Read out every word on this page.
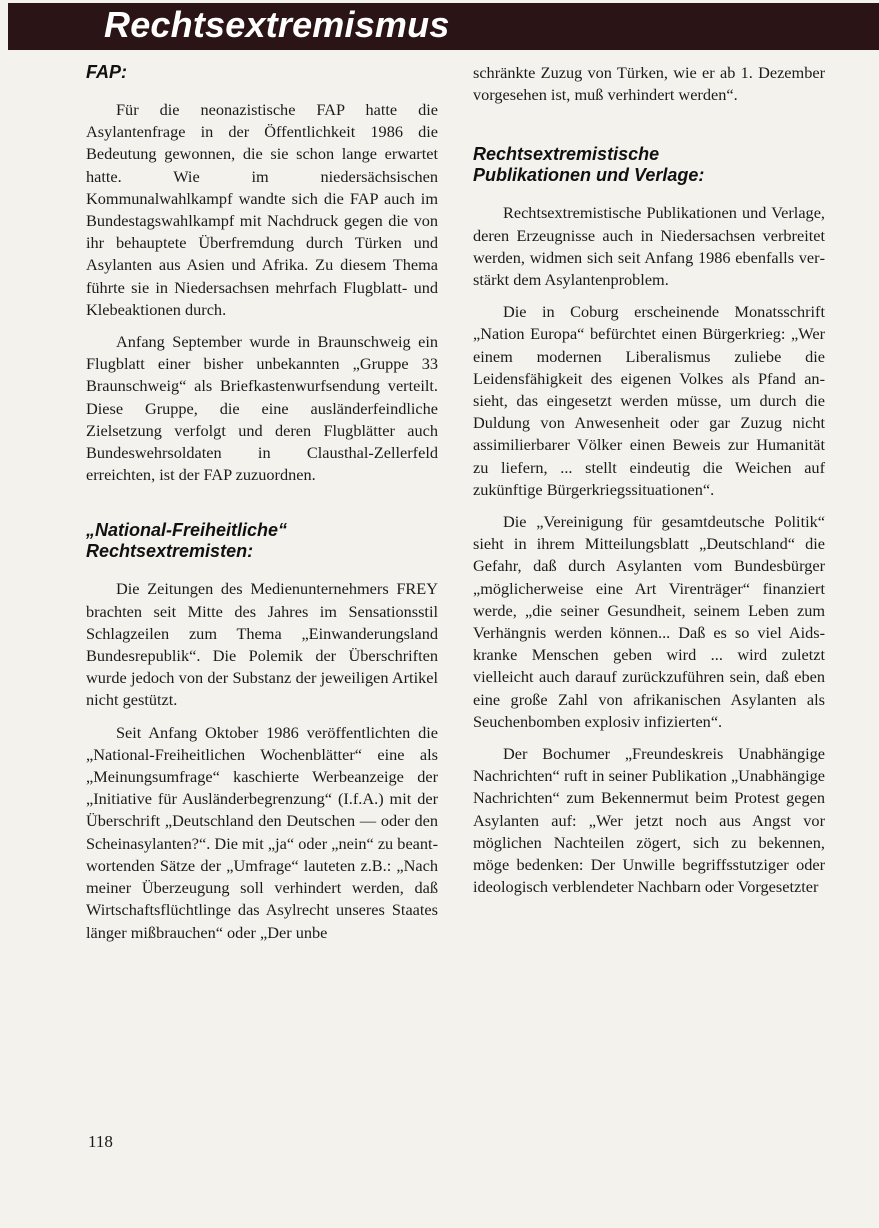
Rechtsextremismus
FAP:

Für die neonazistische FAP hatte die Asylantenfrage in der Öffentlichkeit 1986 die Bedeutung gewonnen, die sie schon lange erwartet hatte. Wie im niedersächsischen Kommunalwahlkampf wandte sich die FAP auch im Bundestagswahlkampf mit Nachdruck gegen die von ihr behauptete Überfremdung durch Türken und Asylanten aus Asien und Afrika. Zu diesem Thema führte sie in Niedersachsen mehrfach Flugblatt- und Klebeaktionen durch.

Anfang September wurde in Braunschweig ein Flugblatt einer bisher unbekannten „Gruppe 33 Braunschweig“ als Briefkastenwurfsendung verteilt. Diese Gruppe, die eine ausländerfeindliche Zielsetzung verfolgt und deren Flugblätter auch Bundeswehrsoldaten in Clausthal-Zellerfeld erreichten, ist der FAP zuzuordnen.

„National-Freiheitliche“
Rechtsextremisten:

Die Zeitungen des Medienunternehmers FREY brachten seit Mitte des Jahres im Sensationsstil Schlagzeilen zum Thema „Einwanderungsland Bundesrepublik“. Die Polemik der Überschriften wurde jedoch von der Substanz der jeweiligen Artikel nicht gestützt.

Seit Anfang Oktober 1986 veröffentlichten die „National-Freiheitlichen Wochenblätter“ eine als „Meinungsumfrage“ kaschierte Werbeanzeige der „Initiative für Ausländerbegrenzung“ (I.f.A.) mit der Überschrift „Deutschland den Deutschen — oder den Scheinasylanten?“. Die mit „ja“ oder „nein“ zu beantwortenden Sätze der „Umfrage“ lauteten z.B.: „Nach meiner Überzeugung soll verhindert werden, daß Wirtschaftsflüchtlinge das Asylrecht unseres Staates länger mißbrauchen“ oder „Der unbe

schränkte Zuzug von Türken, wie er ab 1. Dezember vorgesehen ist, muß verhindert werden“.

Rechtsextremistische
Publikationen und Verlage:

Rechtsextremistische Publikationen und Verlage, deren Erzeugnisse auch in Niedersachsen verbreitet werden, widmen sich seit Anfang 1986 ebenfalls verstärkt dem Asylantenproblem.

Die in Coburg erscheinende Monatsschrift „Nation Europa“ befürchtet einen Bürgerkrieg: „Wer einem modernen Liberalismus zuliebe die Leidensfähigkeit des eigenen Volkes als Pfand ansieht, das eingesetzt werden müsse, um durch die Duldung von Anwesenheit oder gar Zuzug nicht assimilierbarer Völker einen Beweis zur Humanität zu liefern, ... stellt eindeutig die Weichen auf zukünftige Bürgerkriegssituationen“.

Die „Vereinigung für gesamtdeutsche Politik“ sieht in ihrem Mitteilungsblatt „Deutschland“ die Gefahr, daß durch Asylanten vom Bundesbürger „möglicherweise eine Art Virenträger“ finanziert werde, „die seiner Gesundheit, seinem Leben zum Verhängnis werden können... Daß es so viel Aids-kranke Menschen geben wird ... wird zuletzt vielleicht auch darauf zurückzuführen sein, daß eben eine große Zahl von afrikanischen Asylanten als Seuchenbomben explosiv infizierten“.

Der Bochumer „Freundeskreis Unabhängige Nachrichten“ ruft in seiner Publikation „Unabhängige Nachrichten“ zum Bekennermut beim Protest gegen Asylanten auf: „Wer jetzt noch aus Angst vor möglichen Nachteilen zögert, sich zu bekennen, möge bedenken: Der Unwille begriffsstutziger oder ideologisch verblendeter Nachbarn oder Vorgesetzter

118
